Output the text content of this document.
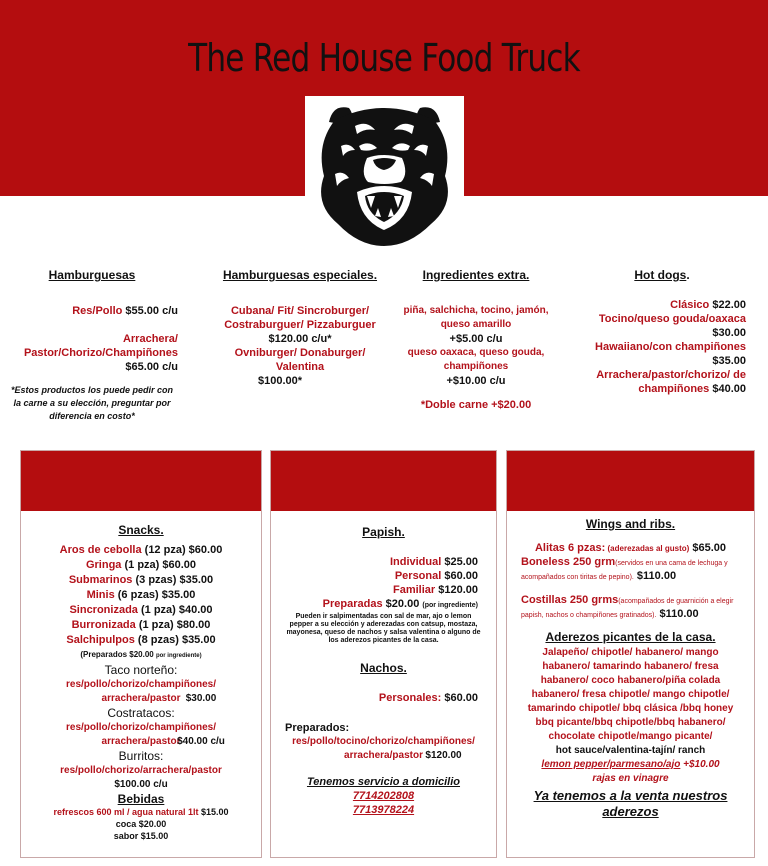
The Red House Food Truck
Hamburguesas
Res/Pollo $55.00 c/u
Arrachera/ Pastor/Chorizo/Champiñones
$65.00 c/u
*Estos productos los puede pedir con la carne a su elección, preguntar por diferencia en costo*
Hamburguesas especiales.
Cubana/ Fit/ Sincroburger/ Costraburguer/ Pizzaburguer
$120.00 c/u*
Ovniburger/ Donaburger/ Valentina
$100.00*
Ingredientes extra.
piña, salchicha, tocino, jamón, queso amarillo
+$5.00 c/u
queso oaxaca, queso gouda, champiñones
+$10.00 c/u
*Doble carne +$20.00
Hot dogs.
Clásico $22.00
Tocino/queso gouda/oaxaca
$30.00
Hawaiiano/con champiñones
$35.00
Arrachera/pastor/chorizo/ de champiñones $40.00
Snacks.
Aros de cebolla (12 pza) $60.00
Gringa (1 pza) $60.00
Submarinos (3 pzas) $35.00
Minis (6 pzas) $35.00
Sincronizada (1 pza) $40.00
Burronizada (1 pza) $80.00
Salchipulpos (8 pzas) $35.00
(Preparados $20.00 por ingrediente)
Taco norteño:
res/pollo/chorizo/champiñones/ arrachera/pastor $30.00
Costratacos:
res/pollo/chorizo/champiñones/ arrachera/pastor
$40.00 c/u
Burritos:
res/pollo/chorizo/arrachera/pastor
$100.00 c/u
Bebidas
refrescos 600 ml / agua natural 1lt $15.00
coca $20.00
sabor $15.00
Papish.
Individual $25.00
Personal $60.00
Familiar $120.00
Preparadas $20.00 (por ingrediente)
Pueden ir salpimentadas con sal de mar, ajo o lemon pepper a su elección y aderezadas con catsup, mostaza, mayonesa, queso de nachos y salsa valentina o alguno de los aderezos picantes de la casa.
Nachos.
Personales: $60.00
Preparados:
res/pollo/tocino/chorizo/champiñones/ arrachera/pastor $120.00
Tenemos servicio a domicilio
7714202808
7713978224
Wings and ribs.
Alitas 6 pzas: (aderezadas al gusto) $65.00
Boneless 250 grm(servidos en una cama de lechuga y acompañados con tiritas de pepino). $110.00
Costillas 250 grms(acompañados de guarnición a elegir papish, nachos o champiñones gratinados). $110.00
Aderezos picantes de la casa.
Jalapeño/ chipotle/ habanero/ mango habanero/ tamarindo habanero/ fresa habanero/ coco habanero/piña colada habanero/ fresa chipotle/ mango chipotle/ tamarindo chipotle/ bbq clásica /bbq honey bbq picante/bbq chipotle/bbq habanero/ chocolate chipotle/mango picante/
hot sauce/valentina-tajín/ ranch
lemon pepper/parmesano/ajo +$10.00
rajas en vinagre
Ya tenemos a la venta nuestros aderezos
